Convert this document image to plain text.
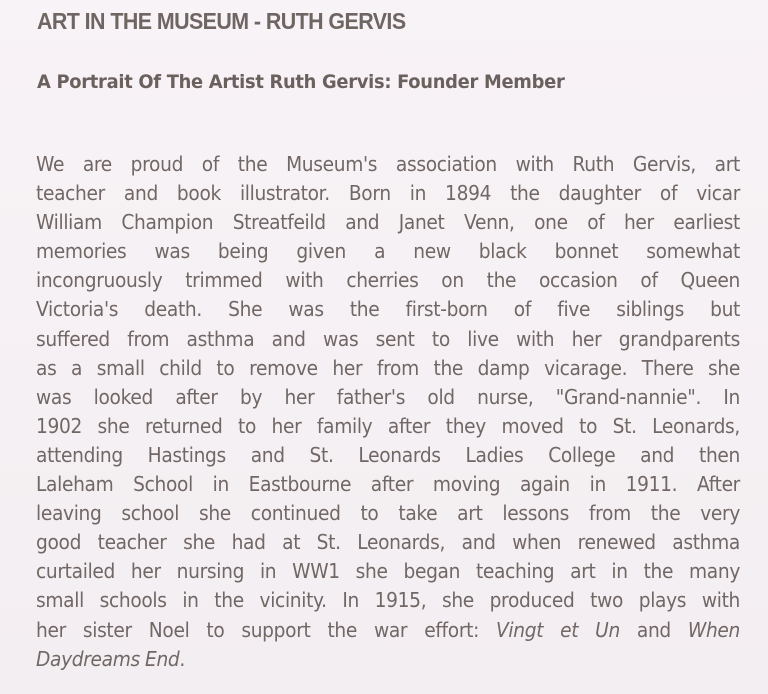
ART IN THE MUSEUM - RUTH GERVIS
A Portrait Of The Artist Ruth Gervis: Founder Member
We are proud of the Museum's association with Ruth Gervis, art
teacher and book illustrator. Born in 1894 the daughter of vicar
William Champion Streatfeild and Janet Venn, one of her earliest
memories was being given a new black bonnet somewhat
incongruously trimmed with cherries on the occasion of Queen
Victoria's death. She was the first-born of five siblings but
suffered from asthma and was sent to live with her grandparents
as a small child to remove her from the damp vicarage. There she
was looked after by her father's old nurse, "Grand-nannie". In
1902 she returned to her family after they moved to St. Leonards,
attending Hastings and St. Leonards Ladies College and then
Laleham School in Eastbourne after moving again in 1911. After
leaving school she continued to take art lessons from the very
good teacher she had at St. Leonards, and when renewed asthma
curtailed her nursing in WW1 she began teaching art in the many
small schools in the vicinity. In 1915, she produced two plays with
her sister Noel to support the war effort: Vingt et Un and When
Daydreams End.
